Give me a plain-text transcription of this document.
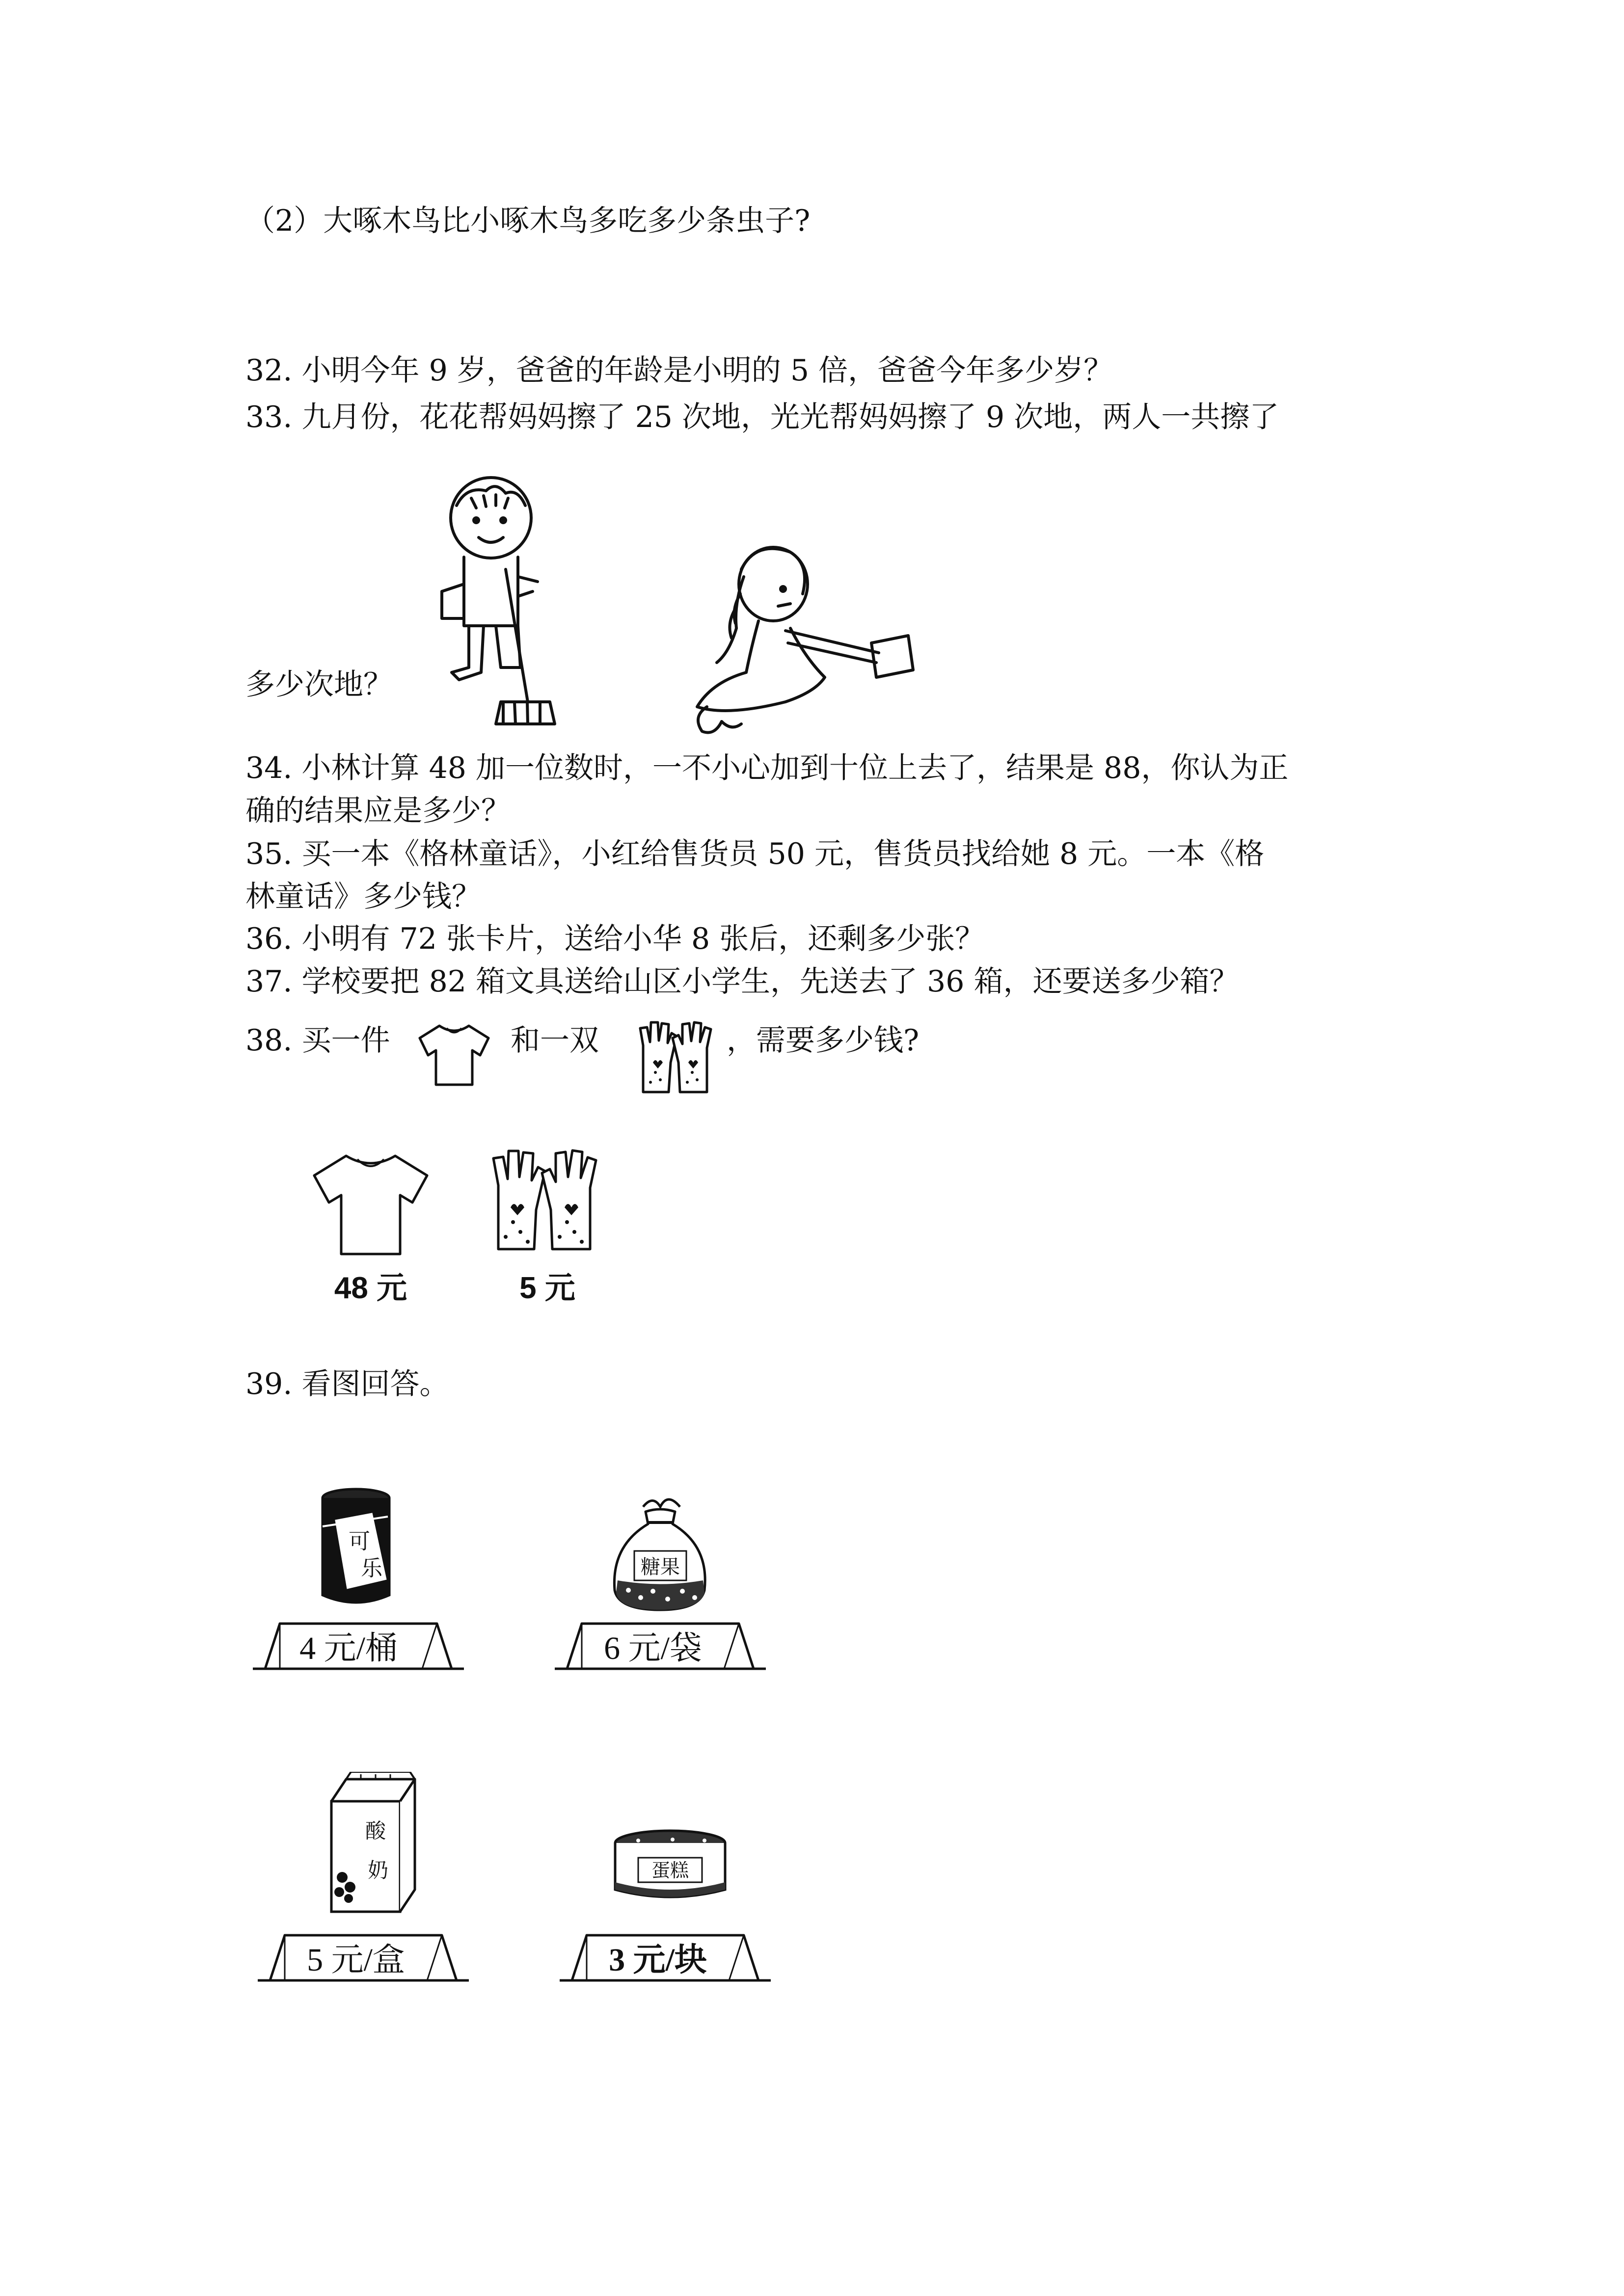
（2）大啄木鸟比小啄木鸟多吃多少条虫子?
32. 小明今年 9 岁，爸爸的年龄是小明的 5 倍，爸爸今年多少岁？
33. 九月份，花花帮妈妈擦了 25 次地，光光帮妈妈擦了 9 次地，两人一共擦了
多少次地？
34. 小林计算 48 加一位数时，一不小心加到十位上去了，结果是 88，你认为正
确的结果应是多少？
35. 买一本《格林童话》，小红给售货员 50 元，售货员找给她 8 元。一本《格
林童话》多少钱？
36. 小明有 72 张卡片，送给小华 8 张后，还剩多少张？
37. 学校要把 82 箱文具送给山区小学生，先送去了 36 箱，还要送多少箱？
38. 买一件	和一双	，需要多少钱?
48 元	5 元
39. 看图回答。
可
乐
4 元/桶
糖果
6 元/袋
酸
奶
5 元/盒
蛋糕
3 元/块
